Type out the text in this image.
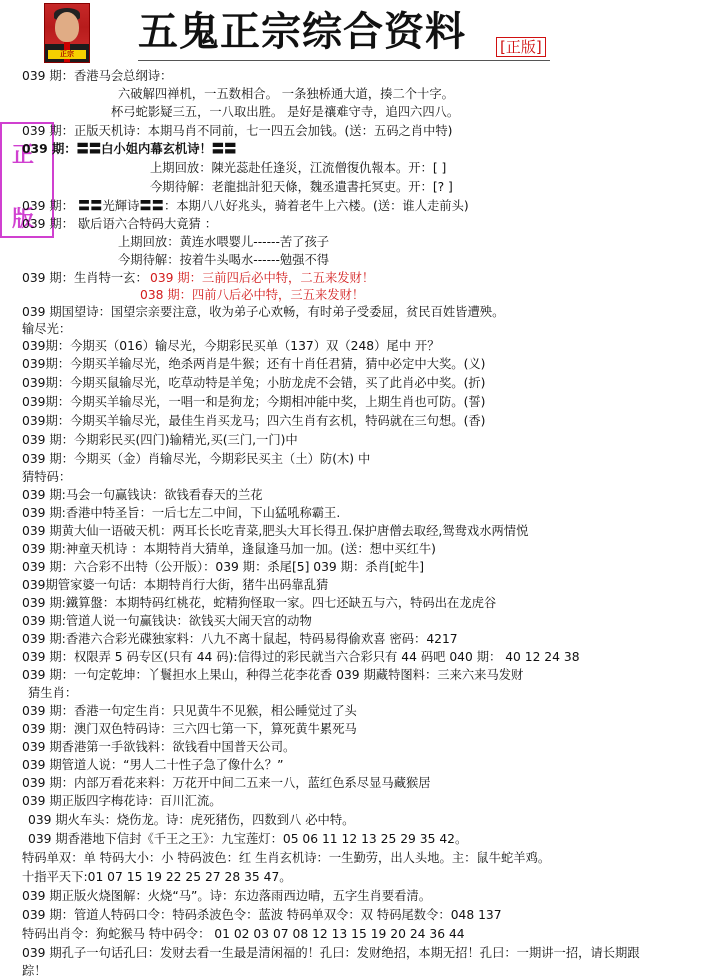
正宗	五鬼正宗综合资料 [正版]
正
版
039 期：香港马会总纲诗：
六破解四禅机，一五数相合。 一条独桥通大道，揍二个十字。
杯弓蛇影疑三五，一八取出胜。 是好是禳难守寺，追四六四八。
039 期：正版天机诗：本期马肖不同前，七一四五会加钱。(送：五码之肖中特)
039 期：〓〓白小姐内幕玄机诗！〓〓
上期回放：陳光蕊赴任逢災，江流僧復仇報本。开：[ ]
今期待解：老龍拙計犯天條，魏丞遺書托冥吏。开：[? ]
039 期： 〓〓光輝诗〓〓：本期八八好兆头，骑着老牛上六楼。(送：谁人走前头)
039 期： 歇后语六合特码大竟猜 ：
上期回放：黄连水喂婴儿------苦了孩子
今期待解：按着牛头喝水------勉强不得
039 期：生肖特一玄： 039 期：三前四后必中特，二五来发财！
038 期：四前八后必中特，三五来发财！
039 期国望诗：国望宗亲要注意，收为弟子心欢畅，有时弟子受委屈，贫民百姓皆遭殃。
输尽光：
039期：今期买（016）输尽光，今期彩民买单（137）双（248）尾中 开？
039期：今期买羊输尽光，绝杀两肖是牛猴；还有十肖任君猜，猜中必定中大奖。(义)
039期：今期买鼠输尽光，吃草动特是羊兔；小肪龙虎不会错，买了此肖必中奖。(折)
039期：今期买羊输尽光，一唱一和是狗龙；今期相冲能中奖，上期生肖也可防。(誓)
039期：今期买羊输尽光，最佳生肖买龙马；四六生肖有玄机，特码就在三句想。(香)
039 期：今期彩民买(四门)输精光,买(三门,一门)中
039 期：今期买（金）肖输尽光，今期彩民买主（土）防(木) 中
猜特码：
039 期:马会一句赢钱诀：欲钱看春天的兰花
039 期:香港中特圣旨：一后七左二中间，下山猛吼称霸王.
039 期黄大仙一语破天机：两耳长长吃青菜,肥头大耳长得丑.保护唐僧去取经,鸳鸯戏水两情悦
039 期:神童天机诗 ：本期特肖大猜单，逢鼠逢马加一加。(送：想中买红牛)
039 期：六合彩不出特（公开版）：039 期：杀尾[5] 039 期：杀肖[蛇牛]
039期管家婆一句话：本期特肖行大街，猪牛出码靠乱猜
039 期:鐵算盤：本期特码红桃花，蛇精狗怪取一家。四七还缺五与六，特码出在龙虎谷
039 期:管道人说一句赢钱诀：欲钱买大闹天宫的动物
039 期:香港六合彩光碟独家料：八九不离十鼠起，特码易得偷欢喜 密码：4217
039 期：权限弄 5 码专区(只有 44 码):信得过的彩民就当六合彩只有 44 码吧 040 期： 40 12 24 38
039 期：一句定乾坤：丫鬟担水上果山，种得兰花李花香 039 期藏特图料：三来六来马发财
猜生肖：
039 期：香港一句定生肖：只见黄牛不见猴，相公睡觉过了头
039 期：澳门双色特码诗：三六四七第一下，算死黄牛累死马
039 期香港第一手欲钱料：欲钱看中国普天公司。
039 期管道人说：“男人二十性子急了像什么？”
039 期：内部万看花来料：万花开中间二五来一八，蓝红色系尽显马藏猴居
039 期正版四字梅花诗：百川汇流。
039 期火车头：烧伤龙。诗：虎死猪伤，四数到八 必中特。
039 期香港地下信封《千王之王》：九宝莲灯：05 06 11 12 13 25 29 35 42。
特码单双：单 特码大小：小 特码波色：红 生肖玄机诗：一生勤劳，出人头地。主：鼠牛蛇羊鸡。
十指平天下:01 07 15 19 22 25 27 28 35 47。
039 期正版火烧图解：火烧“马”。诗：东边落雨西边晴，五字生肖要看清。
039 期：管道人特码口令：特码杀波色令：蓝波 特码单双令：双 特码尾数令：048 137
特码出肖令：狗蛇猴马 特中码令： 01 02 03 07 08 12 13 15 19 20 24 36 44
039 期孔子一句话孔曰：发财去看一生最是清闲福的！孔曰：发财绝招，本期无招！孔曰：一期讲一招，请长期跟
踪！
